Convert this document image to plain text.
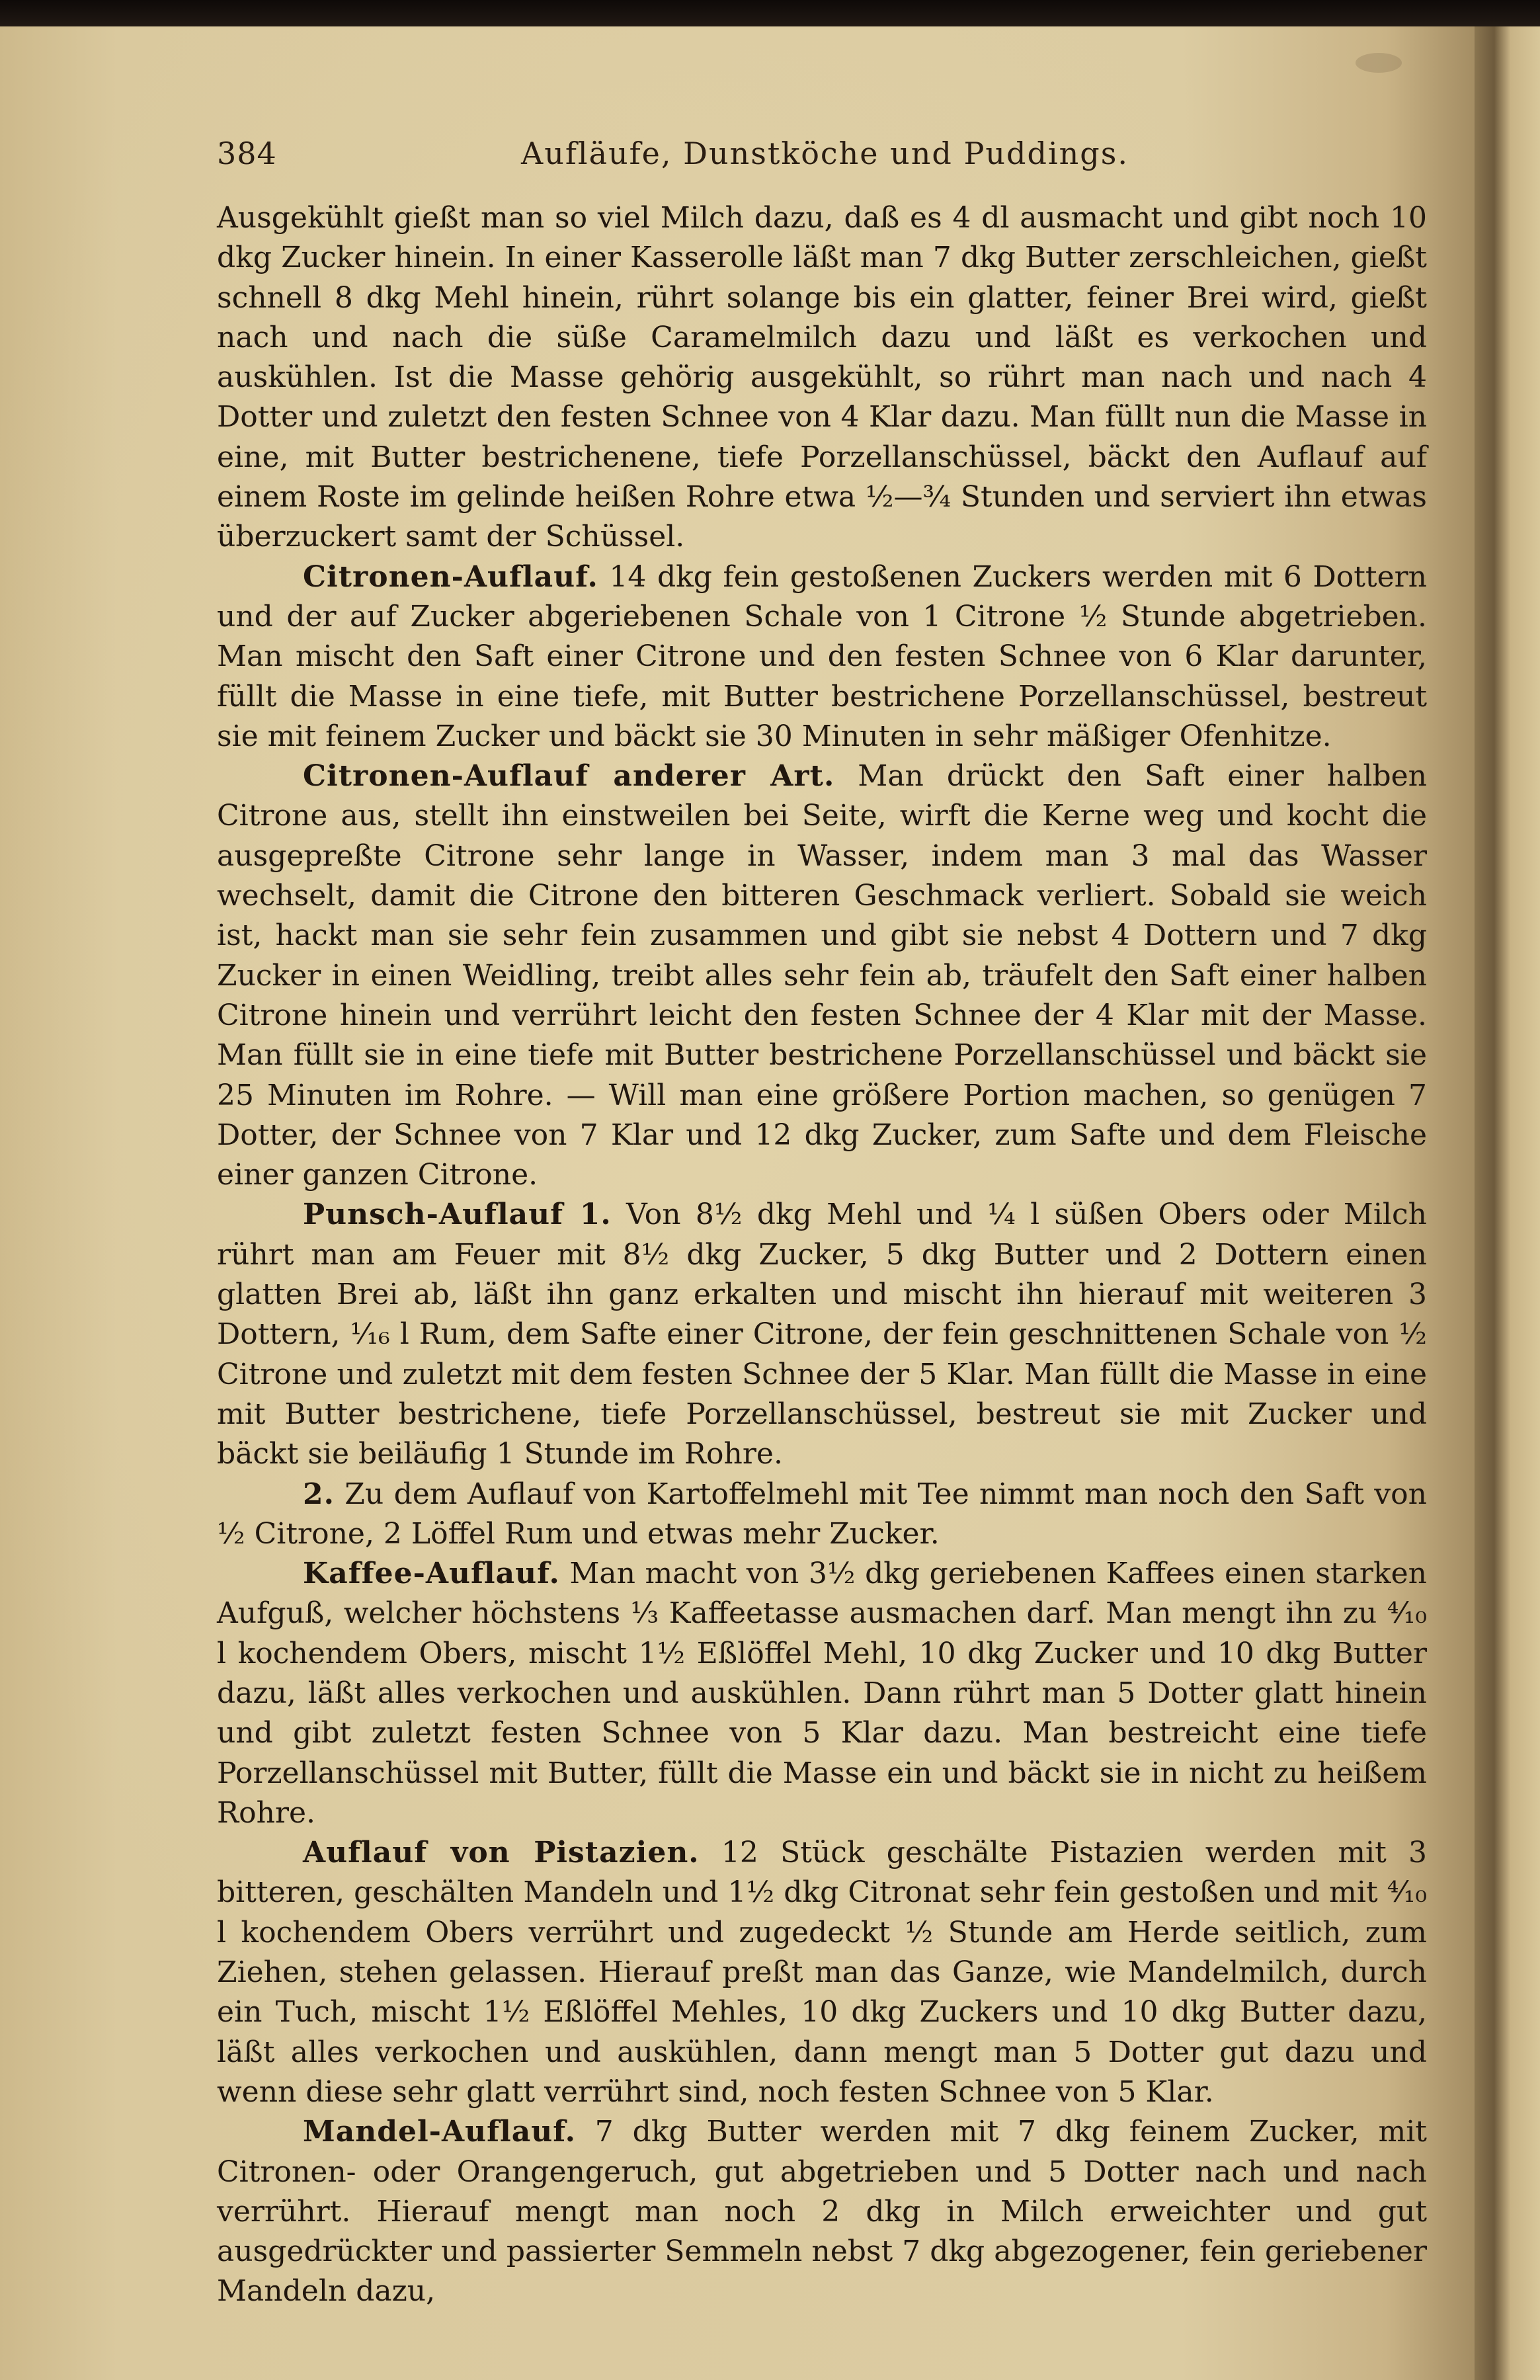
384	Aufläufe, Dunstköche und Puddings.

Ausgekühlt gießt man so viel Milch dazu, daß es 4 dl ausmacht und gibt noch 10 dkg Zucker hinein. In einer Kasserolle läßt man 7 dkg Butter zerschleichen, gießt schnell 8 dkg Mehl hinein, rührt solange bis ein glatter, feiner Brei wird, gießt nach und nach die süße Caramelmilch dazu und läßt es verkochen und auskühlen. Ist die Masse gehörig ausgekühlt, so rührt man nach und nach 4 Dotter und zuletzt den festen Schnee von 4 Klar dazu. Man füllt nun die Masse in eine, mit Butter bestrichenene, tiefe Porzellanschüssel, bäckt den Auflauf auf einem Roste im gelinde heißen Rohre etwa ½—¾ Stunden und serviert ihn etwas überzuckert samt der Schüssel.

Citronen-Auflauf. 14 dkg fein gestoßenen Zuckers werden mit 6 Dottern und der auf Zucker abgeriebenen Schale von 1 Citrone ½ Stunde abgetrieben. Man mischt den Saft einer Citrone und den festen Schnee von 6 Klar darunter, füllt die Masse in eine tiefe, mit Butter bestrichene Porzellanschüssel, bestreut sie mit feinem Zucker und bäckt sie 30 Minuten in sehr mäßiger Ofenhitze.

Citronen-Auflauf anderer Art. Man drückt den Saft einer halben Citrone aus, stellt ihn einstweilen bei Seite, wirft die Kerne weg und kocht die ausgepreßte Citrone sehr lange in Wasser, indem man 3 mal das Wasser wechselt, damit die Citrone den bitteren Geschmack verliert. Sobald sie weich ist, hackt man sie sehr fein zusammen und gibt sie nebst 4 Dottern und 7 dkg Zucker in einen Weidling, treibt alles sehr fein ab, träufelt den Saft einer halben Citrone hinein und verrührt leicht den festen Schnee der 4 Klar mit der Masse. Man füllt sie in eine tiefe mit Butter bestrichene Porzellanschüssel und bäckt sie 25 Minuten im Rohre. — Will man eine größere Portion machen, so genügen 7 Dotter, der Schnee von 7 Klar und 12 dkg Zucker, zum Safte und dem Fleische einer ganzen Citrone.

Punsch-Auflauf 1. Von 8½ dkg Mehl und ¼ l süßen Obers oder Milch rührt man am Feuer mit 8½ dkg Zucker, 5 dkg Butter und 2 Dottern einen glatten Brei ab, läßt ihn ganz erkalten und mischt ihn hierauf mit weiteren 3 Dottern, ¹⁄₁₆ l Rum, dem Safte einer Citrone, der fein geschnittenen Schale von ½ Citrone und zuletzt mit dem festen Schnee der 5 Klar. Man füllt die Masse in eine mit Butter bestrichene, tiefe Porzellanschüssel, bestreut sie mit Zucker und bäckt sie beiläufig 1 Stunde im Rohre.

2. Zu dem Auflauf von Kartoffelmehl mit Tee nimmt man noch den Saft von ½ Citrone, 2 Löffel Rum und etwas mehr Zucker.

Kaffee-Auflauf. Man macht von 3½ dkg geriebenen Kaffees einen starken Aufguß, welcher höchstens ⅓ Kaffeetasse ausmachen darf. Man mengt ihn zu ⁴⁄₁₀ l kochendem Obers, mischt 1½ Eßlöffel Mehl, 10 dkg Zucker und 10 dkg Butter dazu, läßt alles verkochen und auskühlen. Dann rührt man 5 Dotter glatt hinein und gibt zuletzt festen Schnee von 5 Klar dazu. Man bestreicht eine tiefe Porzellanschüssel mit Butter, füllt die Masse ein und bäckt sie in nicht zu heißem Rohre.

Auflauf von Pistazien. 12 Stück geschälte Pistazien werden mit 3 bitteren, geschälten Mandeln und 1½ dkg Citronat sehr fein gestoßen und mit ⁴⁄₁₀ l kochendem Obers verrührt und zugedeckt ½ Stunde am Herde seitlich, zum Ziehen, stehen gelassen. Hierauf preßt man das Ganze, wie Mandelmilch, durch ein Tuch, mischt 1½ Eßlöffel Mehles, 10 dkg Zuckers und 10 dkg Butter dazu, läßt alles verkochen und auskühlen, dann mengt man 5 Dotter gut dazu und wenn diese sehr glatt verrührt sind, noch festen Schnee von 5 Klar.

Mandel-Auflauf. 7 dkg Butter werden mit 7 dkg feinem Zucker, mit Citronen- oder Orangengeruch, gut abgetrieben und 5 Dotter nach und nach verrührt. Hierauf mengt man noch 2 dkg in Milch erweichter und gut ausgedrückter und passierter Semmeln nebst 7 dkg abgezogener, fein geriebener Mandeln dazu,
